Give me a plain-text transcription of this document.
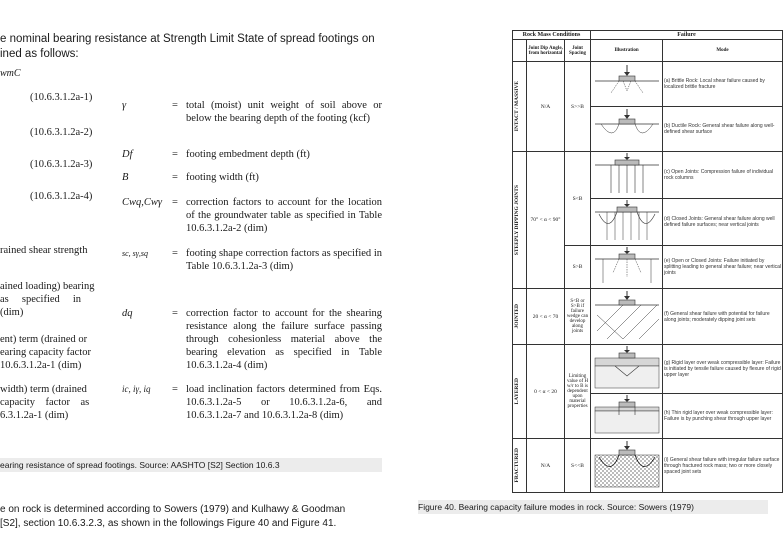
e nominal bearing resistance at Strength Limit State of spread footings on
ined as follows:
wmC
(10.6.3.1.2a-1)
(10.6.3.1.2a-2)
(10.6.3.1.2a-3)
(10.6.3.1.2a-4)
γ	= total (moist) unit weight of soil above or below the bearing depth of the footing (kcf)
Df	= footing embedment depth (ft)
B	= footing width (ft)
Cwq,Cwγ = correction factors to account for the location of the groundwater table as specified in Table 10.6.3.1.2a-2 (dim)
sc, sγ,sq	= footing shape correction factors as specified in Table 10.6.3.1.2a-3 (dim)
dq	= correction factor to account for the shearing resistance along the failure surface passing through cohesionless material above the bearing elevation as specified in Table 10.6.3.1.2a-4 (dim)
ic, iγ, iq	= load inclination factors determined from Eqs. 10.6.3.1.2a-5 or 10.6.3.1.2a-6, and 10.6.3.1.2a-7 and 10.6.3.1.2a-8 (dim)
rained shear strength
ained loading) bearing
as     specified     in
(dim)
ent) term (drained or
earing capacity factor
10.6.3.1.2a-1 (dim)
width) term (drained
capacity    factor    as
6.3.1.2a-1 (dim)
earing resistance of spread footings. Source: AASHTO [S2] Section 10.6.3
e on rock is determined according to Sowers (1979) and Kulhawy & Goodman
[S2], section 10.6.3.2.3, as shown in the followings Figure 40 and Figure 41.
Rock Mass Conditions			Failure	
	Joint Dip Angle, from horizontal	Joint Spacing	Illustration	Mode

INTACT / MASSIVE	N/A	S>>B		(a) Brittle Rock: Local shear failure caused by localized brittle fracture
	(b) Ductile Rock: General shear failure along well-defined shear surface

STEEPLY DIPPING JOINTS	70° < α < 90°	S<B		(c) Open Joints: Compression failure of individual rock columns
	(d) Closed Joints: General shear failure along well defined failure surfaces; near vertical joints
		S>B		(e) Open or Closed Joints: Failure initiated by splitting leading to general shear failure; near vertical joints

JOINTED	20 < α < 70	S<B or S>B if failure wedge can develop along joints		(f) General shear failure with potential for failure along joints; moderately dipping joint sets

LAYERED	0 < α < 20	Limiting value of H w/r to B is dependent upon material properties		(g) Rigid layer over weak compressible layer: Failure is initiated by tensile failure caused by flexure of rigid upper layer
	(h) Thin rigid layer over weak compressible layer: Failure is by punching shear through upper layer

FRACTURED	N/A	S<<B		(i) General shear failure with irregular failure surface through fractured rock mass; two or more closely spaced joint sets
Figure 40. Bearing capacity failure modes in rock. Source: Sowers (1979)
